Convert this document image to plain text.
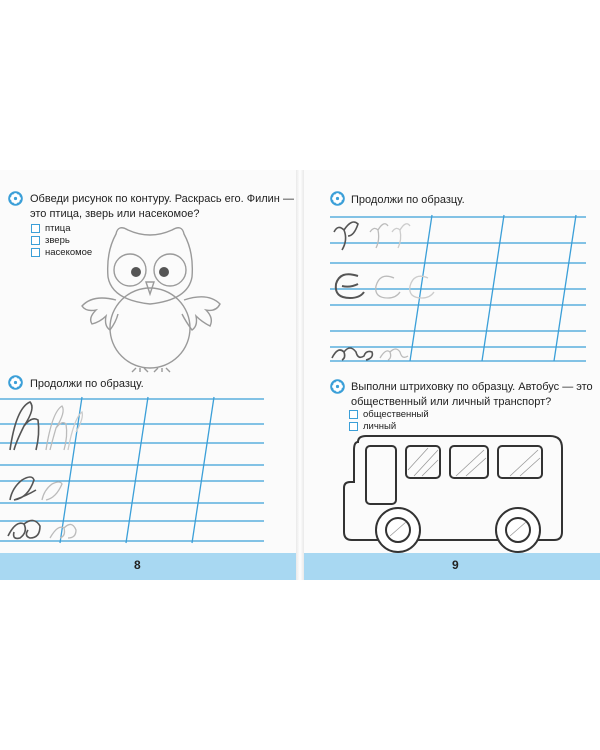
Обведи рисунок по контуру. Раскрась его. Филин —
это птица, зверь или насекомое?
птица
зверь
насекомое
Продолжи по образцу.
8
Продолжи по образцу.
Выполни штриховку по образцу. Автобус — это
общественный или личный транспорт?
общественный
личный
9
